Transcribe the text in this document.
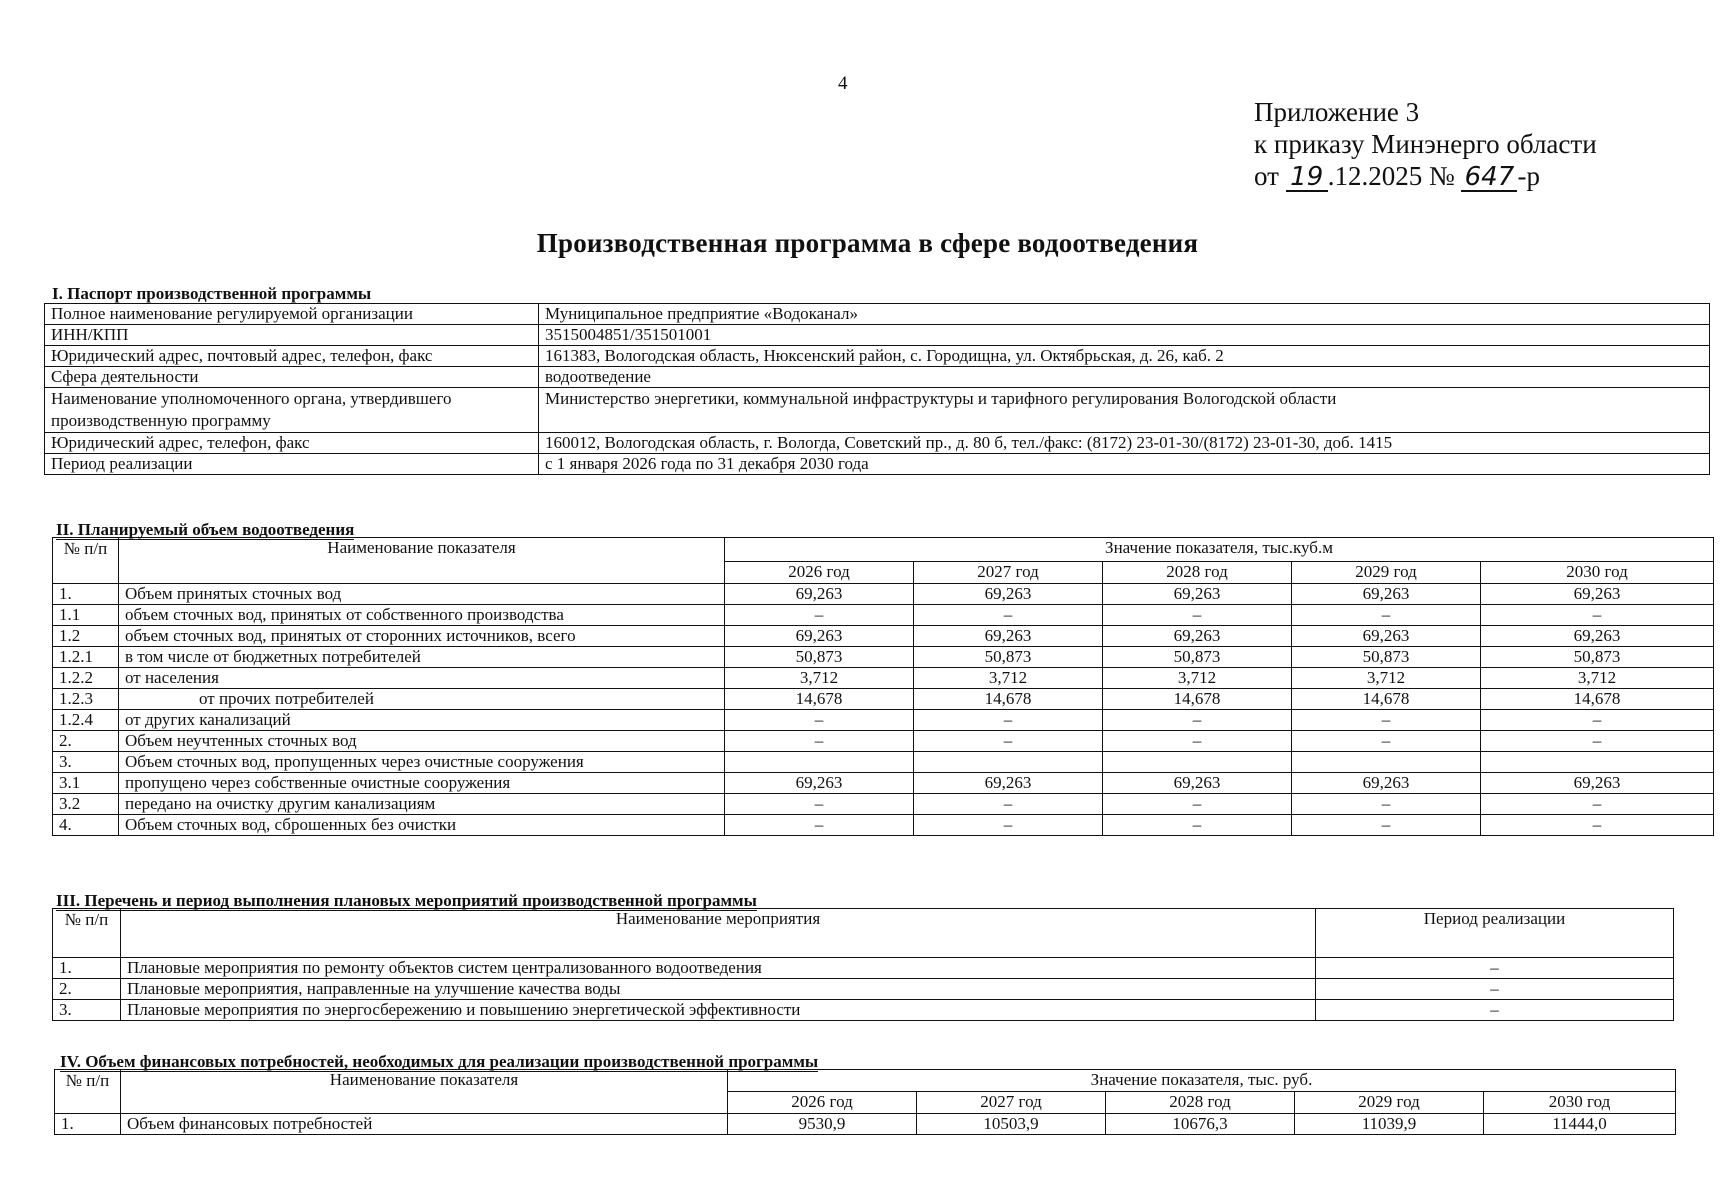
4
Приложение 3
к приказу Минэнерго области
от 19 .12.2025 № 647 -р
Производственная программа в сфере водоотведения
I. Паспорт производственной программы
Полное наименование регулируемой организации	Муниципальное предприятие «Водоканал»
ИНН/КПП	3515004851/351501001
Юридический адрес, почтовый адрес, телефон, факс	161383, Вологодская область, Нюксенский район, с. Городищна, ул. Октябрьская, д. 26, каб. 2
Сфера деятельности	водоотведение
Наименование уполномоченного органа, утвердившего производственную программу	Министерство энергетики, коммунальной инфраструктуры и тарифного регулирования Вологодской области
Юридический адрес, телефон, факс	160012, Вологодская область, г. Вологда, Советский пр., д. 80 б, тел./факс: (8172) 23-01-30/(8172) 23-01-30, доб. 1415
Период реализации	с 1 января 2026 года по 31 декабря 2030 года
II. Планируемый объем водоотведения
№ п/п	Наименование показателя	Значение показателя, тыс.куб.м				
		2026 год	2027 год	2028 год	2029 год	2030 год
1.	Объем принятых сточных вод	69,263	69,263	69,263	69,263	69,263
1.1	объем сточных вод, принятых от собственного производства	–	–	–	–	–
1.2	объем сточных вод, принятых от сторонних источников, всего	69,263	69,263	69,263	69,263	69,263
1.2.1	в том числе от бюджетных потребителей	50,873	50,873	50,873	50,873	50,873
1.2.2	от населения	3,712	3,712	3,712	3,712	3,712
1.2.3	от прочих потребителей	14,678	14,678	14,678	14,678	14,678
1.2.4	от других канализаций	–	–	–	–	–
2.	Объем неучтенных сточных вод	–	–	–	–	–
3.	Объем сточных вод, пропущенных через очистные сооружения					
3.1	пропущено через собственные очистные сооружения	69,263	69,263	69,263	69,263	69,263
3.2	передано на очистку другим канализациям	–	–	–	–	–
4.	Объем сточных вод, сброшенных без очистки	–	–	–	–	–
III. Перечень и период выполнения плановых мероприятий производственной программы
№ п/п	Наименование мероприятия	Период реализации
1.	Плановые мероприятия по ремонту объектов систем централизованного водоотведения	–
2.	Плановые мероприятия, направленные на улучшение качества воды	–
3.	Плановые мероприятия по энергосбережению и повышению энергетической эффективности	–
IV. Объем финансовых потребностей, необходимых для реализации производственной программы
№ п/п	Наименование показателя	Значение показателя, тыс. руб.				
		2026 год	2027 год	2028 год	2029 год	2030 год
1.	Объем финансовых потребностей	9530,9	10503,9	10676,3	11039,9	11444,0
